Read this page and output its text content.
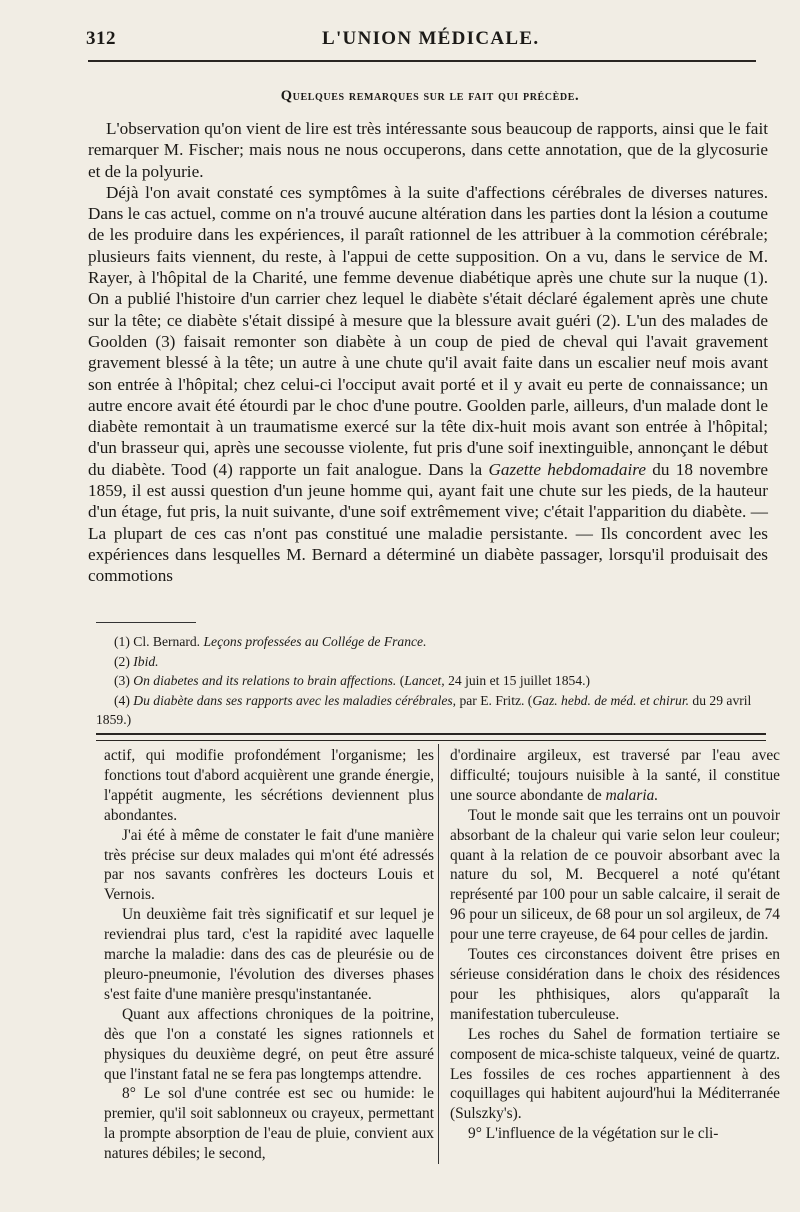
312	L'UNION MÉDICALE.
Quelques remarques sur le fait qui précède.

L'observation qu'on vient de lire est très intéressante sous beaucoup de rapports, ainsi que le fait remarquer M. Fischer; mais nous ne nous occuperons, dans cette annotation, que de la glycosurie et de la polyurie.

Déjà l'on avait constaté ces symptômes à la suite d'affections cérébrales de diverses natures. Dans le cas actuel, comme on n'a trouvé aucune altération dans les parties dont la lésion a coutume de les produire dans les expériences, il paraît rationnel de les attribuer à la commotion cérébrale; plusieurs faits viennent, du reste, à l'appui de cette supposition. On a vu, dans le service de M. Rayer, à l'hôpital de la Charité, une femme devenue diabétique après une chute sur la nuque (1). On a publié l'histoire d'un carrier chez lequel le diabète s'était déclaré également après une chute sur la tête; ce diabète s'était dissipé à mesure que la blessure avait guéri (2). L'un des malades de Goolden (3) faisait remonter son diabète à un coup de pied de cheval qui l'avait gravement gravement blessé à la tête; un autre à une chute qu'il avait faite dans un escalier neuf mois avant son entrée à l'hôpital; chez celui-ci l'occiput avait porté et il y avait eu perte de connaissance; un autre encore avait été étourdi par le choc d'une poutre. Goolden parle, ailleurs, d'un malade dont le diabète remontait à un traumatisme exercé sur la tête dix-huit mois avant son entrée à l'hôpital; d'un brasseur qui, après une secousse violente, fut pris d'une soif inextinguible, annonçant le début du diabète. Tood (4) rapporte un fait analogue. Dans la Gazette hebdomadaire du 18 novembre 1859, il est aussi question d'un jeune homme qui, ayant fait une chute sur les pieds, de la hauteur d'un étage, fut pris, la nuit suivante, d'une soif extrêmement vive; c'était l'apparition du diabète. — La plupart de ces cas n'ont pas constitué une maladie persistante. — Ils concordent avec les expériences dans lesquelles M. Bernard a déterminé un diabète passager, lorsqu'il produisait des commotions

(1) Cl. Bernard. Leçons professées au Collége de France.

(2) Ibid.

(3) On diabetes and its relations to brain affections. (Lancet, 24 juin et 15 juillet 1854.)

(4) Du diabète dans ses rapports avec les maladies cérébrales, par E. Fritz. (Gaz. hebd. de méd. et chirur. du 29 avril 1859.)

actif, qui modifie profondément l'organisme; les fonctions tout d'abord acquièrent une grande énergie, l'appétit augmente, les sécrétions deviennent plus abondantes.

J'ai été à même de constater le fait d'une manière très précise sur deux malades qui m'ont été adressés par nos savants confrères les docteurs Louis et Vernois.

Un deuxième fait très significatif et sur lequel je reviendrai plus tard, c'est la rapidité avec laquelle marche la maladie: dans des cas de pleurésie ou de pleuro-pneumonie, l'évolution des diverses phases s'est faite d'une manière presqu'instantanée.

Quant aux affections chroniques de la poitrine, dès que l'on a constaté les signes rationnels et physiques du deuxième degré, on peut être assuré que l'instant fatal ne se fera pas longtemps attendre.

8° Le sol d'une contrée est sec ou humide: le premier, qu'il soit sablonneux ou crayeux, permettant la prompte absorption de l'eau de pluie, convient aux natures débiles; le second,

d'ordinaire argileux, est traversé par l'eau avec difficulté; toujours nuisible à la santé, il constitue une source abondante de malaria.

Tout le monde sait que les terrains ont un pouvoir absorbant de la chaleur qui varie selon leur couleur; quant à la relation de ce pouvoir absorbant avec la nature du sol, M. Becquerel a noté qu'étant représenté par 100 pour un sable calcaire, il serait de 96 pour un siliceux, de 68 pour un sol argileux, de 74 pour une terre crayeuse, de 64 pour celles de jardin.

Toutes ces circonstances doivent être prises en sérieuse considération dans le choix des résidences pour les phthisiques, alors qu'apparaît la manifestation tuberculeuse.

Les roches du Sahel de formation tertiaire se composent de mica-schiste talqueux, veiné de quartz. Les fossiles de ces roches appartiennent à des coquillages qui habitent aujourd'hui la Méditerranée (Sulszky's).

9° L'influence de la végétation sur le cli-
